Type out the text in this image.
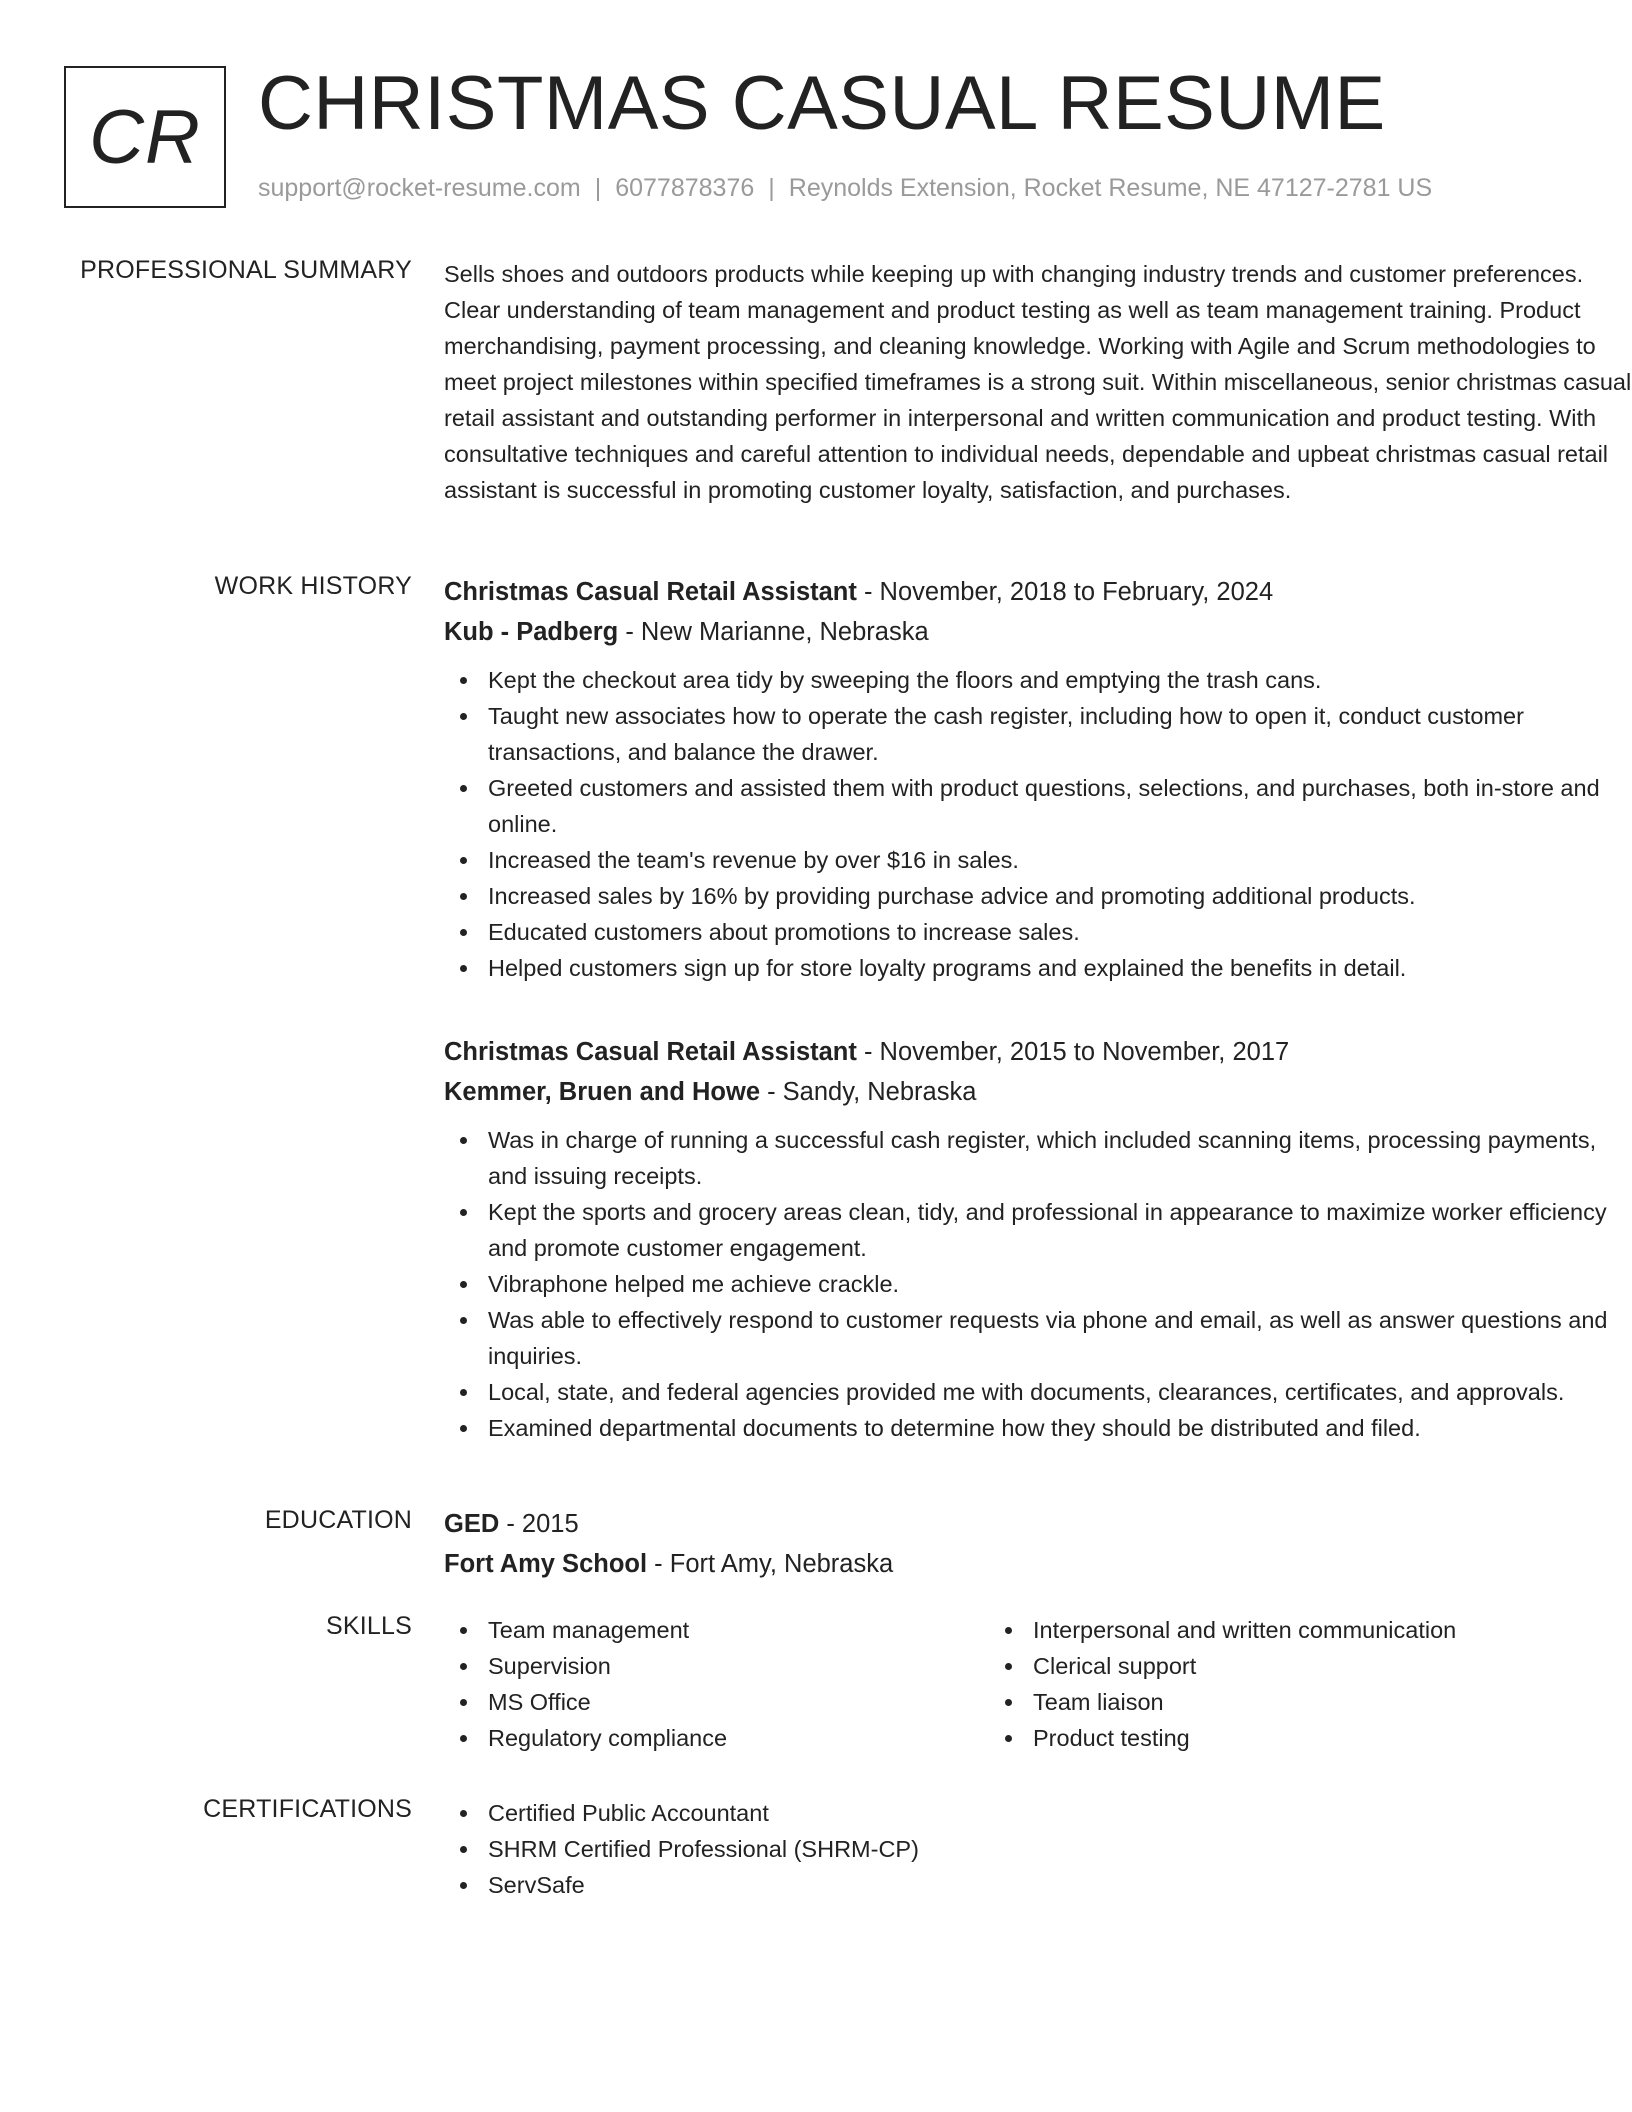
CR CHRISTMAS CASUAL RESUME
support@rocket-resume.com | 6077878376 | Reynolds Extension, Rocket Resume, NE 47127-2781 US
PROFESSIONAL SUMMARY Sells shoes and outdoors products while keeping up with changing industry trends and customer preferences. Clear understanding of team management and product testing as well as team management training. Product merchandising, payment processing, and cleaning knowledge. Working with Agile and Scrum methodologies to meet project milestones within specified timeframes is a strong suit. Within miscellaneous, senior christmas casual retail assistant and outstanding performer in interpersonal and written communication and product testing. With consultative techniques and careful attention to individual needs, dependable and upbeat christmas casual retail assistant is successful in promoting customer loyalty, satisfaction, and purchases.
WORK HISTORY Christmas Casual Retail Assistant - November, 2018 to February, 2024
Kub - Padberg - New Marianne, Nebraska
Kept the checkout area tidy by sweeping the floors and emptying the trash cans.
Taught new associates how to operate the cash register, including how to open it, conduct customer transactions, and balance the drawer.
Greeted customers and assisted them with product questions, selections, and purchases, both in-store and online.
Increased the team's revenue by over $16 in sales.
Increased sales by 16% by providing purchase advice and promoting additional products.
Educated customers about promotions to increase sales.
Helped customers sign up for store loyalty programs and explained the benefits in detail.
Christmas Casual Retail Assistant - November, 2015 to November, 2017
Kemmer, Bruen and Howe - Sandy, Nebraska
Was in charge of running a successful cash register, which included scanning items, processing payments, and issuing receipts.
Kept the sports and grocery areas clean, tidy, and professional in appearance to maximize worker efficiency and promote customer engagement.
Vibraphone helped me achieve crackle.
Was able to effectively respond to customer requests via phone and email, as well as answer questions and inquiries.
Local, state, and federal agencies provided me with documents, clearances, certificates, and approvals.
Examined departmental documents to determine how they should be distributed and filed.
EDUCATION GED - 2015
Fort Amy School - Fort Amy, Nebraska
SKILLS	Team management
Supervision
MS Office
Regulatory compliance
Interpersonal and written communication
Clerical support
Team liaison
Product testing
CERTIFICATIONS	Certified Public Accountant
SHRM Certified Professional (SHRM-CP)
ServSafe
